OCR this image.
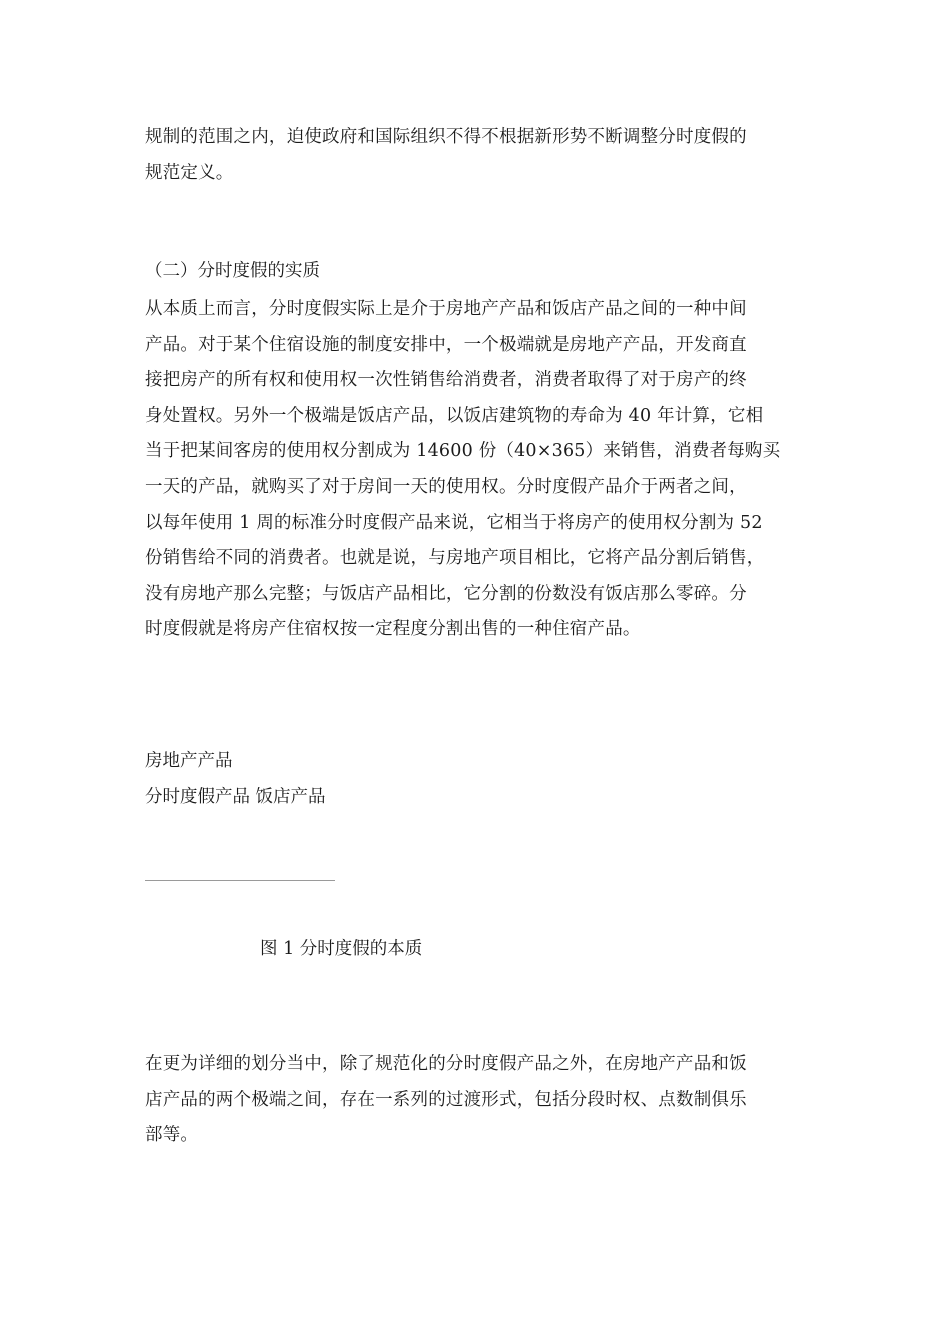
规制的范围之内，迫使政府和国际组织不得不根据新形势不断调整分时度假的
规范定义。
（二）分时度假的实质
从本质上而言，分时度假实际上是介于房地产产品和饭店产品之间的一种中间
产品。对于某个住宿设施的制度安排中，一个极端就是房地产产品，开发商直
接把房产的所有权和使用权一次性销售给消费者，消费者取得了对于房产的终
身处置权。另外一个极端是饭店产品，以饭店建筑物的寿命为 40 年计算，它相
当于把某间客房的使用权分割成为 14600 份（40×365）来销售，消费者每购买
一天的产品，就购买了对于房间一天的使用权。分时度假产品介于两者之间，
以每年使用 1 周的标准分时度假产品来说，它相当于将房产的使用权分割为 52
份销售给不同的消费者。也就是说，与房地产项目相比，它将产品分割后销售，
没有房地产那么完整；与饭店产品相比，它分割的份数没有饭店那么零碎。分
时度假就是将房产住宿权按一定程度分割出售的一种住宿产品。
房地产产品
分时度假产品 饭店产品
图 1 分时度假的本质
在更为详细的划分当中，除了规范化的分时度假产品之外，在房地产产品和饭
店产品的两个极端之间，存在一系列的过渡形式，包括分段时权、点数制俱乐
部等。
